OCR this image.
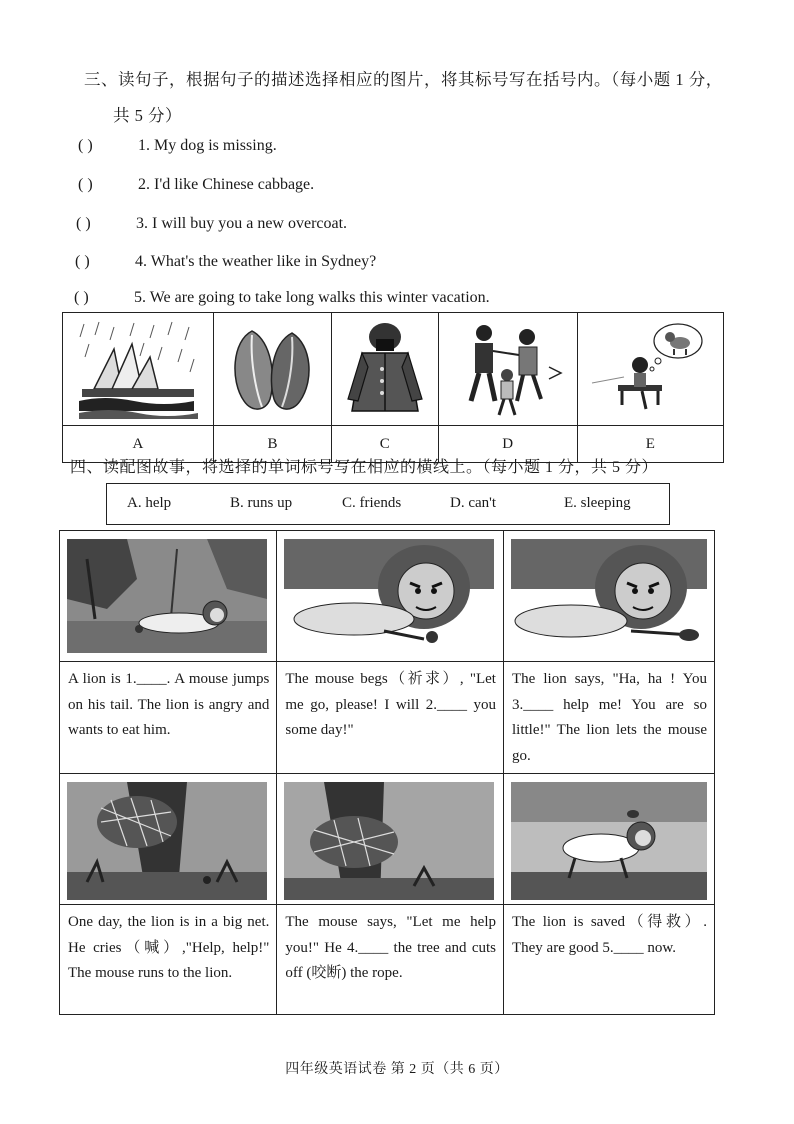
三、读句子，根据句子的描述选择相应的图片，将其标号写在括号内。（每小题 1 分，
共 5 分）
( )	1. My dog is missing.
( )	2. I'd like Chinese cabbage.
( )	3. I will buy you a new overcoat.
( )	4. What's the weather like in Sydney?
( )	5. We are going to take long walks this winter vacation.

A	B	C	D	E
四、读配图故事，将选择的单词标号写在相应的横线上。（每小题 1 分，共 5 分）
A. help	B. runs up	C. friends	D. can't	E. sleeping

A lion is 1.____. A mouse jumps on his tail. The lion is angry and wants to eat him.	The mouse begs（祈求）, "Let me go, please! I will 2.____ you some day!"	The lion says, "Ha, ha ! You 3.____ help me! You are so little!" The lion lets the mouse go.

One day, the lion is in a big net. He cries（喊）,"Help, help!" The mouse runs to the lion.	The mouse says, "Let me help you!" He 4.____ the tree and cuts off (咬断) the rope.	The lion is saved（得救）. They are good 5.____ now.
四年级英语试卷 第 2 页（共 6 页）
